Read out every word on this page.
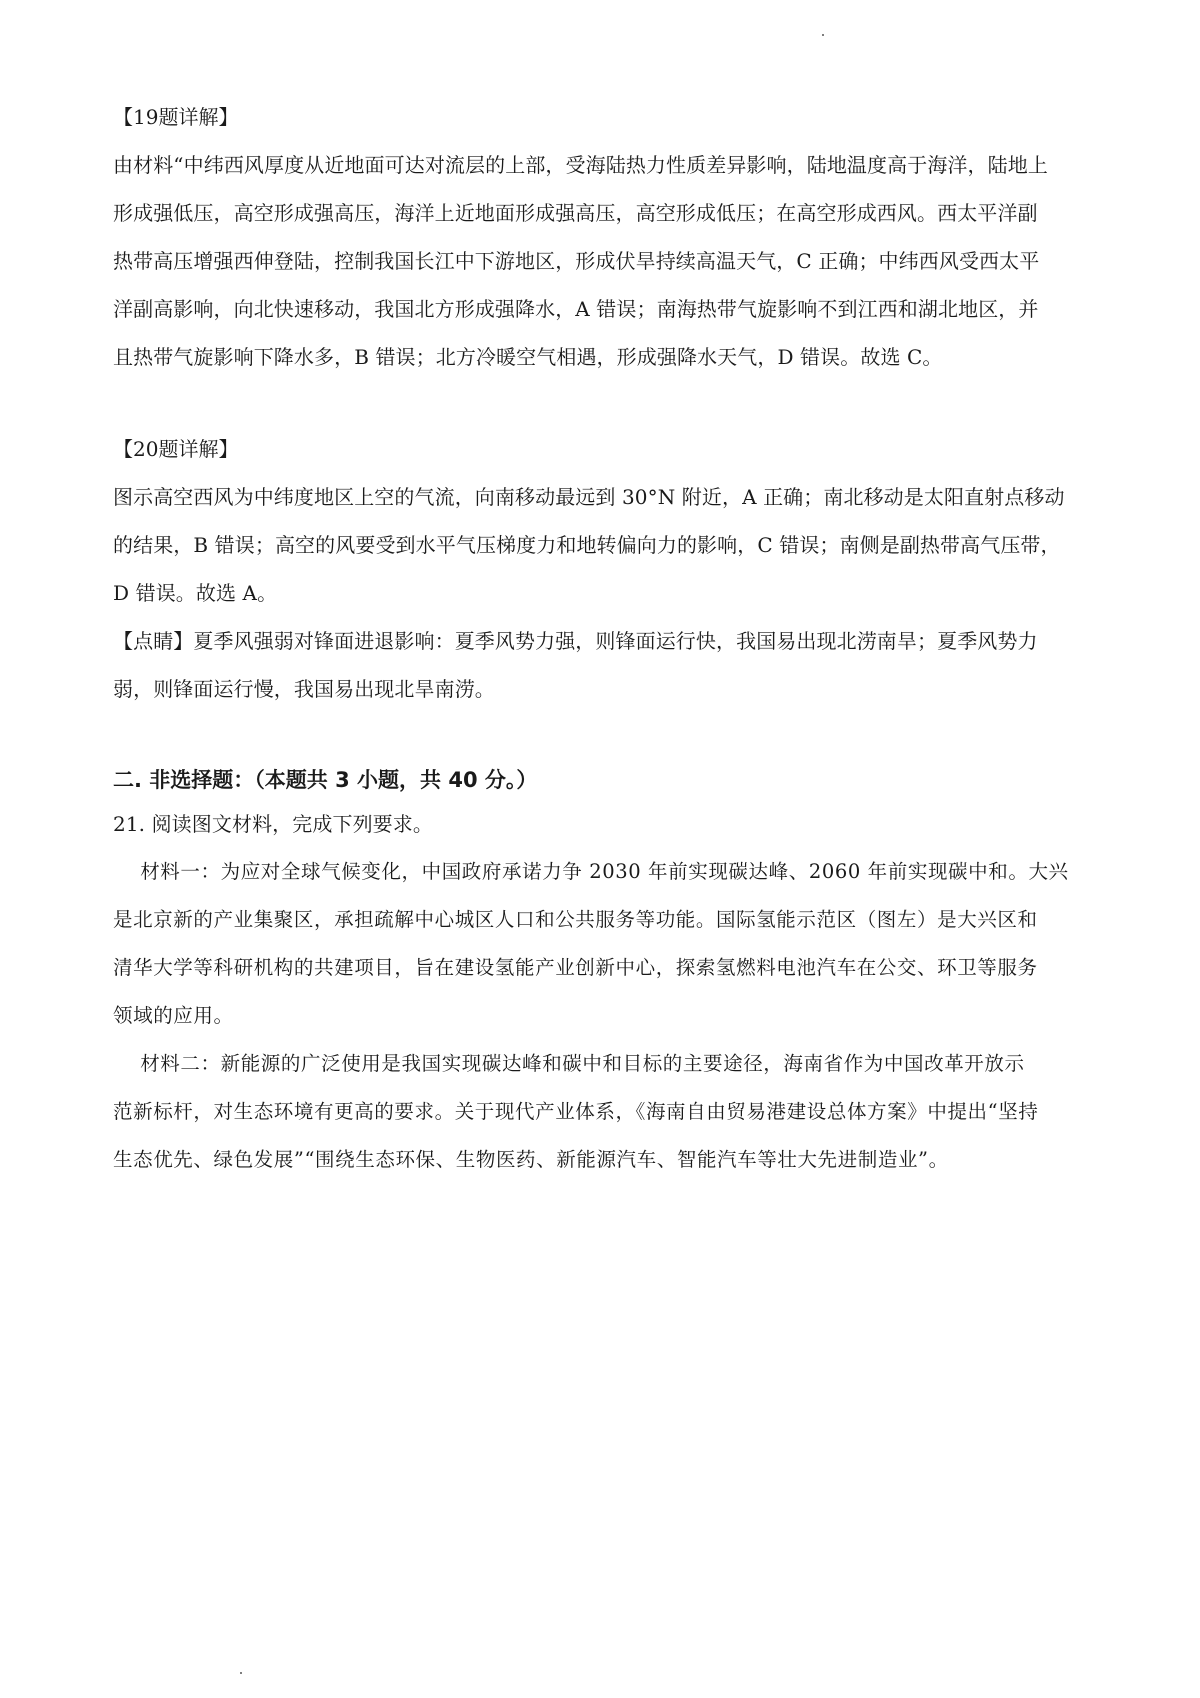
【19题详解】
由材料“中纬西风厚度从近地面可达对流层的上部，受海陆热力性质差异影响，陆地温度高于海洋，陆地上
形成强低压，高空形成强高压，海洋上近地面形成强高压，高空形成低压；在高空形成西风。西太平洋副
热带高压增强西伸登陆，控制我国长江中下游地区，形成伏旱持续高温天气，C 正确；中纬西风受西太平
洋副高影响，向北快速移动，我国北方形成强降水，A 错误；南海热带气旋影响不到江西和湖北地区，并
且热带气旋影响下降水多，B 错误；北方冷暖空气相遇，形成强降水天气，D 错误。故选 C。
【20题详解】
图示高空西风为中纬度地区上空的气流，向南移动最远到 30°N 附近，A 正确；南北移动是太阳直射点移动
的结果，B 错误；高空的风要受到水平气压梯度力和地转偏向力的影响，C 错误；南侧是副热带高气压带，
D 错误。故选 A。
【点睛】夏季风强弱对锋面进退影响：夏季风势力强，则锋面运行快，我国易出现北涝南旱；夏季风势力
弱，则锋面运行慢，我国易出现北旱南涝。
二. 非选择题：（本题共 3 小题，共 40 分。）
21. 阅读图文材料，完成下列要求。
材料一：为应对全球气候变化，中国政府承诺力争 2030 年前实现碳达峰、2060 年前实现碳中和。大兴
是北京新的产业集聚区，承担疏解中心城区人口和公共服务等功能。国际氢能示范区（图左）是大兴区和
清华大学等科研机构的共建项目，旨在建设氢能产业创新中心，探索氢燃料电池汽车在公交、环卫等服务
领域的应用。
材料二：新能源的广泛使用是我国实现碳达峰和碳中和目标的主要途径，海南省作为中国改革开放示
范新标杆，对生态环境有更高的要求。关于现代产业体系，《海南自由贸易港建设总体方案》中提出“坚持
生态优先、绿色发展”“围绕生态环保、生物医药、新能源汽车、智能汽车等壮大先进制造业”。
